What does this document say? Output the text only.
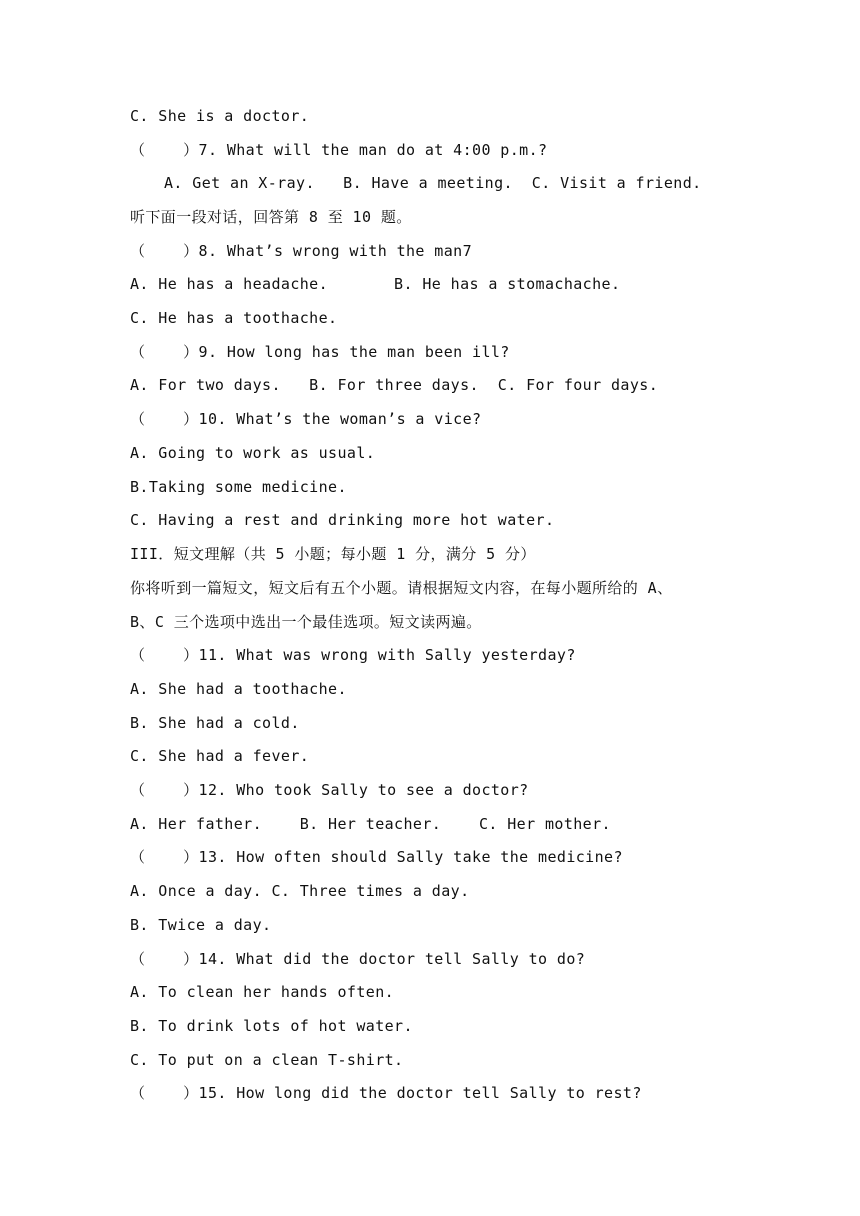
C. She is a doctor.
（    ）7. What will the man do at 4:00 p.m.?
A. Get an X-ray.   B. Have a meeting.  C. Visit a friend.
听下面一段对话，回答第 8 至 10 题。
（    ）8. What’s wrong with the man7
A. He has a headache.       B. He has a stomachache.
C. He has a toothache.
（    ）9. How long has the man been ill?
A. For two days.   B. For three days.  C. For four days.
（    ）10. What’s the woman’s a vice?
A. Going to work as usual.
B.Taking some medicine.
C. Having a rest and drinking more hot water.
III．短文理解（共 5 小题；每小题 1 分，满分 5 分）
你将听到一篇短文，短文后有五个小题。请根据短文内容，在每小题所给的 A、
B、C 三个选项中选出一个最佳选项。短文读两遍。
（    ）11. What was wrong with Sally yesterday?
A. She had a toothache.
B. She had a cold.
C. She had a fever.
（    ）12. Who took Sally to see a doctor?
A. Her father.    B. Her teacher.    C. Her mother.
（    ）13. How often should Sally take the medicine?
A. Once a day. C. Three times a day.
B. Twice a day.
（    ）14. What did the doctor tell Sally to do?
A. To clean her hands often.
B. To drink lots of hot water.
C. To put on a clean T-shirt.
（    ）15. How long did the doctor tell Sally to rest?
